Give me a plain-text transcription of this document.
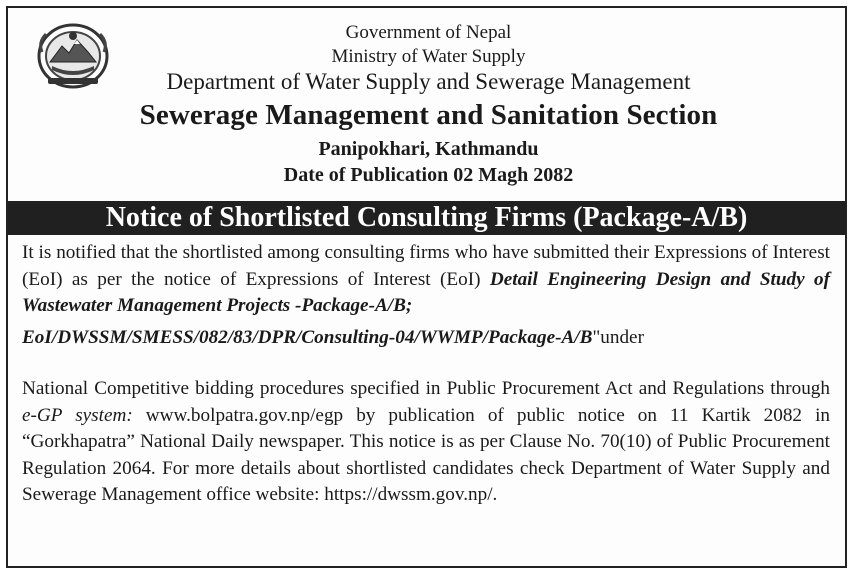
Government of Nepal
Ministry of Water Supply
Department of Water Supply and Sewerage Management
Sewerage Management and Sanitation Section
Panipokhari, Kathmandu
Date of Publication 02 Magh 2082
Notice of Shortlisted Consulting Firms (Package-A/B)
It is notified that the shortlisted among consulting firms who have submitted their Expressions of Interest (EoI) as per the notice of Expressions of Interest (EoI) Detail Engineering Design and Study of Wastewater Management Projects -Package-A/B;
EoI/DWSSM/SMESS/082/83/DPR/Consulting-04/WWMP/Package-A/B"under
National Competitive bidding procedures specified in Public Procurement Act and Regulations through e-GP system: www.bolpatra.gov.np/egp by publication of public notice on 11 Kartik 2082 in “Gorkhapatra” National Daily newspaper. This notice is as per Clause No. 70(10) of Public Procurement Regulation 2064. For more details about shortlisted candidates check Department of Water Supply and Sewerage Management office website: https://dwssm.gov.np/.
